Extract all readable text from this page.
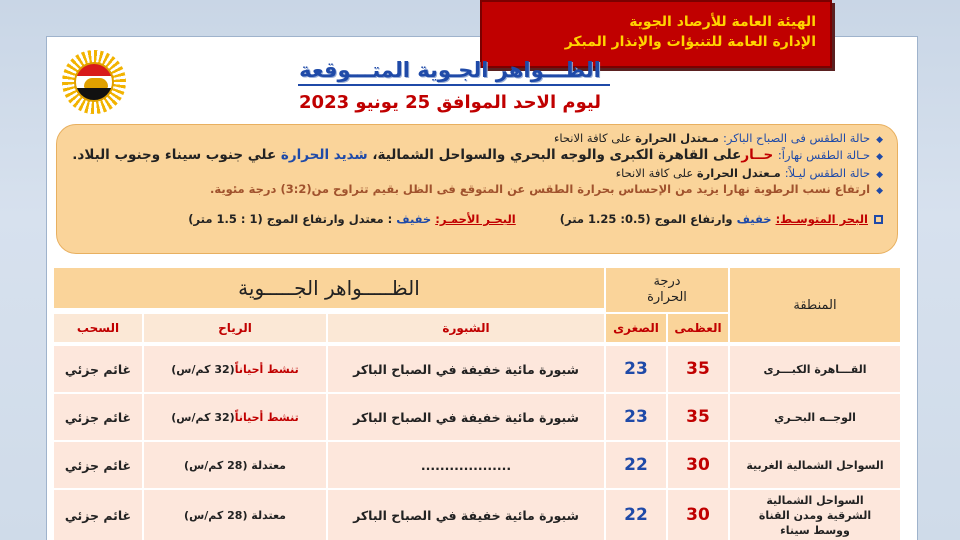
الهيئة العامة للأرصاد الجوية
الإدارة العامة للتنبؤات والإنذار المبكر
الظـــواهر الجـوية المتـــوقعة
ليوم الاحد الموافق 25 يونيو 2023
◆حالة الطقس فى الصباح الباكر: مـعتدل الحرارة على كافة الانحاء
◆حـالة الطقس نهاراً: حــارعلى القاهرة الكبرى والوجه البحري والسواحل الشمالية، شديد الحرارة علي جنوب سيناء وجنوب البلاد.
◆حالة الطقس ليـلاً: مـعتدل الحرارة على كافة الانحاء
◆ارتفاع نسب الرطوبة نهارا يزيد من الإحساس بحرارة الطقس عن المتوقع فى الظل بقيم تتراوح من(3:2) درجة مئوية.
البحر المتوسـط: خفيف وارتفاع الموج (0.5: 1.25 متر)  البحـر الأحمـر: خفيف : معتدل وارتفاع الموج (1 : 1.5 متر)
المنطقة
درجة الحرارة
الظـــــواهر الجـــــوية
العظمى
الصغرى
الشبورة
الرياح
السحب
القـــاهرة الكبـــرى
35
23
شبورة مائية خفيفة في الصباح الباكر
تنشط أحياناً
(32 كم/س)
غائم جزئي
الوجــه البحـري
35
23
شبورة مائية خفيفة في الصباح الباكر
تنشط أحياناً
(32 كم/س)
غائم جزئي
السواحل الشمالية الغربية
30
22
...................
معتدلة (28 كم/س)
غائم جزئي
السواحل الشمالية الشرقية ومدن القناة ووسط سيناء
30
22
شبورة مائية خفيفة في الصباح الباكر
معتدلة (28 كم/س)
غائم جزئي
